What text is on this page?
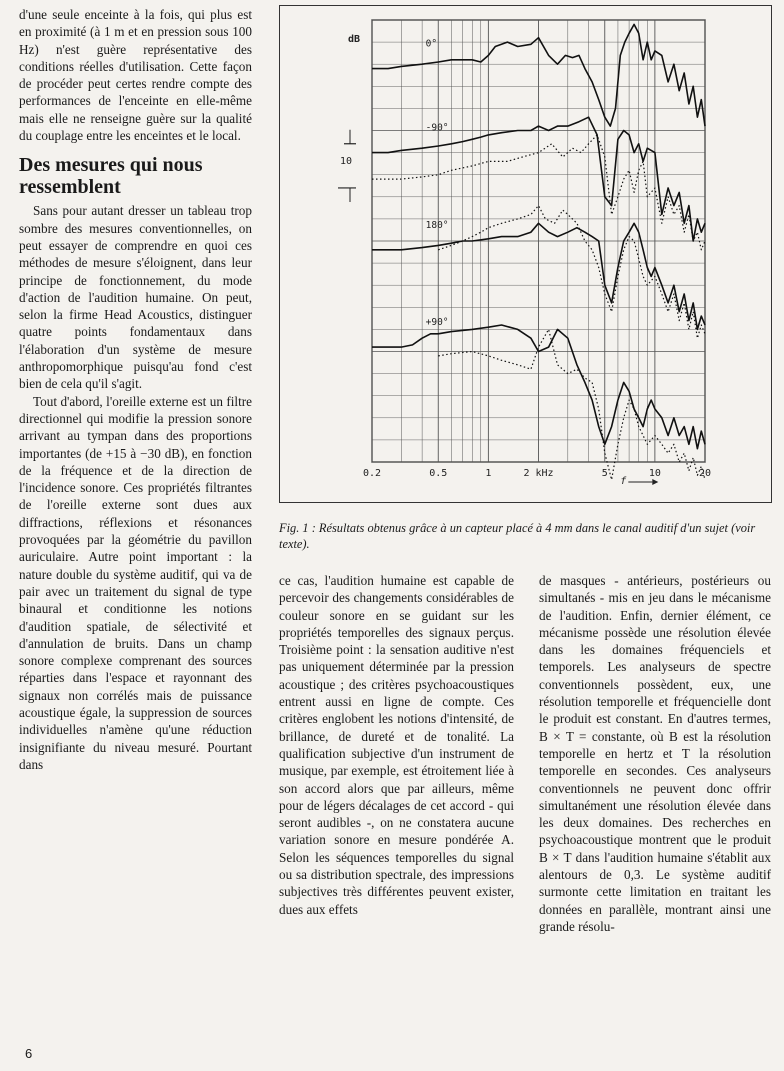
d'une seule enceinte à la fois, qui plus est en proximité (à 1 m et en pression sous 100 Hz) n'est guère représentative des conditions réelles d'utilisation. Cette façon de procéder peut certes rendre compte des performances de l'enceinte en elle-même mais elle ne renseigne guère sur la qualité du couplage entre les enceintes et le local.

Des mesures qui nous ressemblent

Sans pour autant dresser un tableau trop sombre des mesures conventionnelles, on peut essayer de comprendre en quoi ces méthodes de mesure s'éloignent, dans leur principe de fonctionnement, du mode d'action de l'audition humaine. On peut, selon la firme Head Acoustics, distinguer quatre points fondamentaux dans l'élaboration d'un système de mesure anthropomorphique puisqu'au fond c'est bien de cela qu'il s'agit.

Tout d'abord, l'oreille externe est un filtre directionnel qui modifie la pression sonore arrivant au tympan dans des proportions importantes (de +15 à −30 dB), en fonction de la fréquence et de la direction de l'incidence sonore. Ces propriétés filtrantes de l'oreille externe sont dues aux diffractions, réflexions et résonances provoquées par la géométrie du pavillon auriculaire. Autre point important : la nature double du système auditif, qui va de pair avec un traitement du signal de type binaural et conditionne les notions d'audition spatiale, de sélectivité et d'annulation de bruits. Dans un champ sonore complexe comprenant des sources réparties dans l'espace et rayonnant des signaux non corrélés mais de puissance acoustique égale, la suppression de sources individuelles n'amène qu'une réduction insignifiante du niveau mesuré. Pourtant dans

0°
-90°
180°
+90°
0.2	0.5	1	2 kHz	5	10	20
f
dB
10
Fig. 1 : Résultats obtenus grâce à un capteur placé à 4 mm dans le canal auditif d'un sujet (voir texte).

ce cas, l'audition humaine est capable de percevoir des changements considérables de couleur sonore en se guidant sur les propriétés temporelles des signaux perçus. Troisième point : la sensation auditive n'est pas uniquement déterminée par la pression acoustique ; des critères psychoacoustiques entrent aussi en ligne de compte. Ces critères englobent les notions d'intensité, de brillance, de dureté et de tonalité. La qualification subjective d'un instrument de musique, par exemple, est étroitement liée à son accord alors que par ailleurs, même pour de légers décalages de cet accord - qui seront audibles -, on ne constatera aucune variation sonore en mesure pondérée A. Selon les séquences temporelles du signal ou sa distribution spectrale, des impressions subjectives très différentes peuvent exister, dues aux effets

de masques - antérieurs, postérieurs ou simultanés - mis en jeu dans le mécanisme de l'audition. Enfin, dernier élément, ce mécanisme possède une résolution élevée dans les domaines fréquenciels et temporels. Les analyseurs de spectre conventionnels possèdent, eux, une résolution temporelle et fréquencielle dont le produit est constant. En d'autres termes, B × T = constante, où B est la résolution temporelle en hertz et T la résolution temporelle en secondes. Ces analyseurs conventionnels ne peuvent donc offrir simultanément une résolution élevée dans les deux domaines. Des recherches en psychoacoustique montrent que le produit B × T dans l'audition humaine s'établit aux alentours de 0,3. Le système auditif surmonte cette limitation en traitant les données en parallèle, montrant ainsi une grande résolu-

6
